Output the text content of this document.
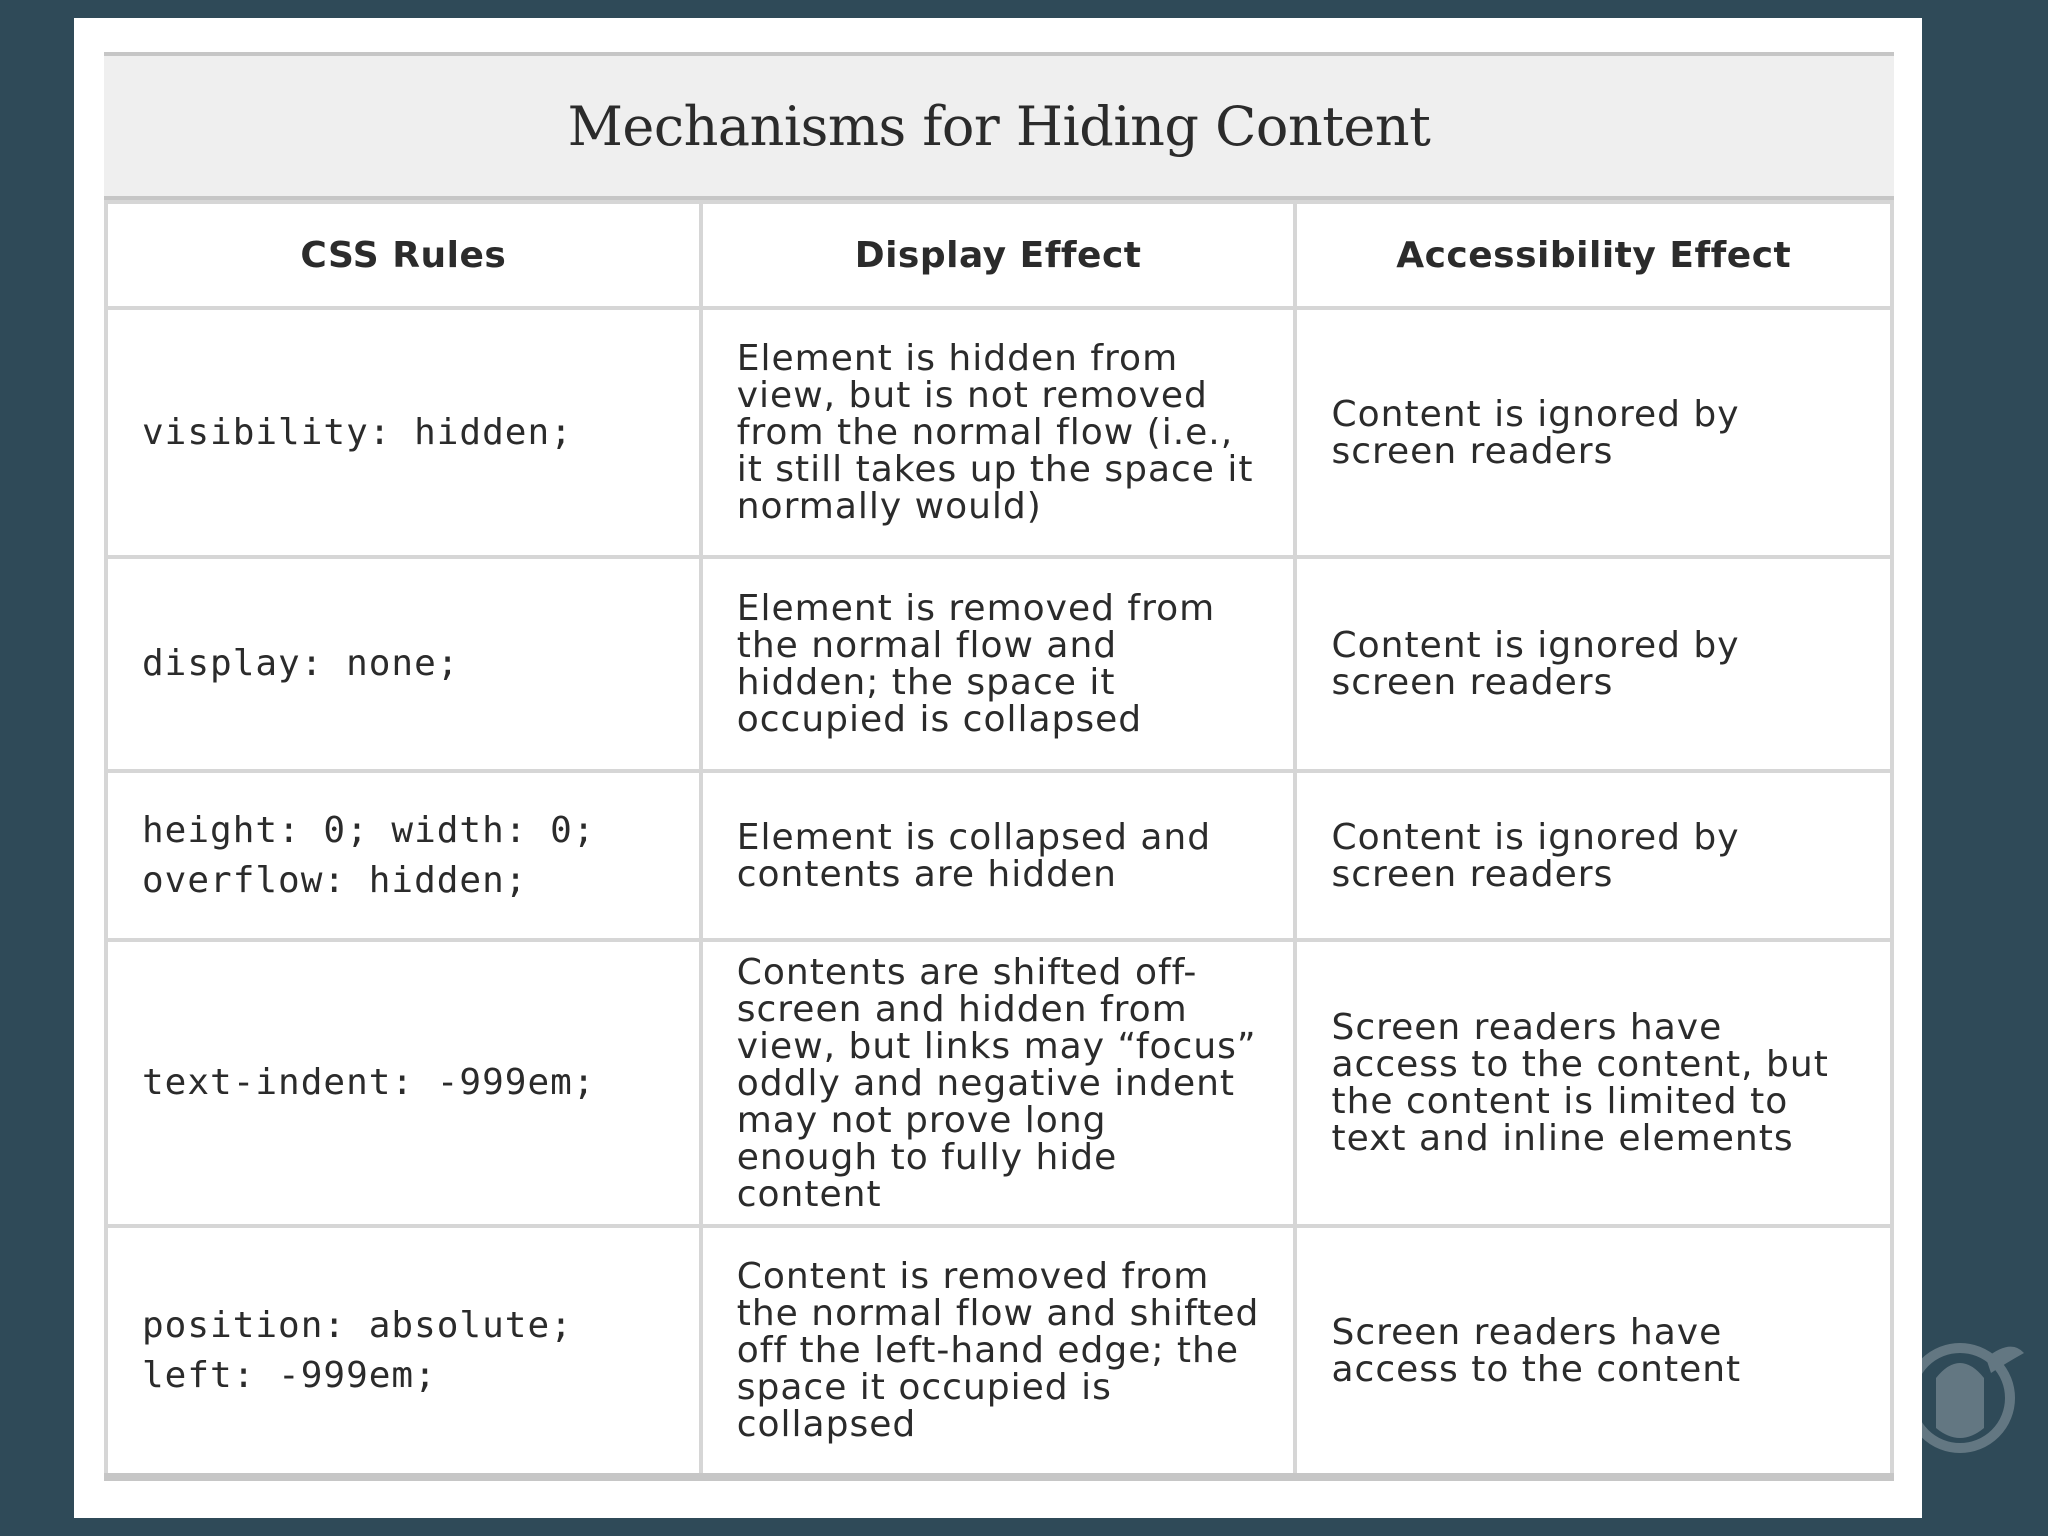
Mechanisms for Hiding Content
CSS Rules	Display Effect	Accessibility Effect
visibility: hidden;	Element is hidden from view, but is not removed from the normal flow (i.e., it still takes up the space it normally would)	Content is ignored by screen readers
display: none;	Element is removed from the normal flow and hidden; the space it occupied is collapsed	Content is ignored by screen readers
height: 0; width: 0; overflow: hidden;	Element is collapsed and contents are hidden	Content is ignored by screen readers
text-indent: -999em;	Contents are shifted off-screen and hidden from view, but links may “focus” oddly and negative indent may not prove long enough to fully hide content	Screen readers have access to the content, but the content is limited to text and inline elements
position: absolute; left: -999em;	Content is removed from the normal flow and shifted off the left-hand edge; the space it occupied is collapsed	Screen readers have access to the content
